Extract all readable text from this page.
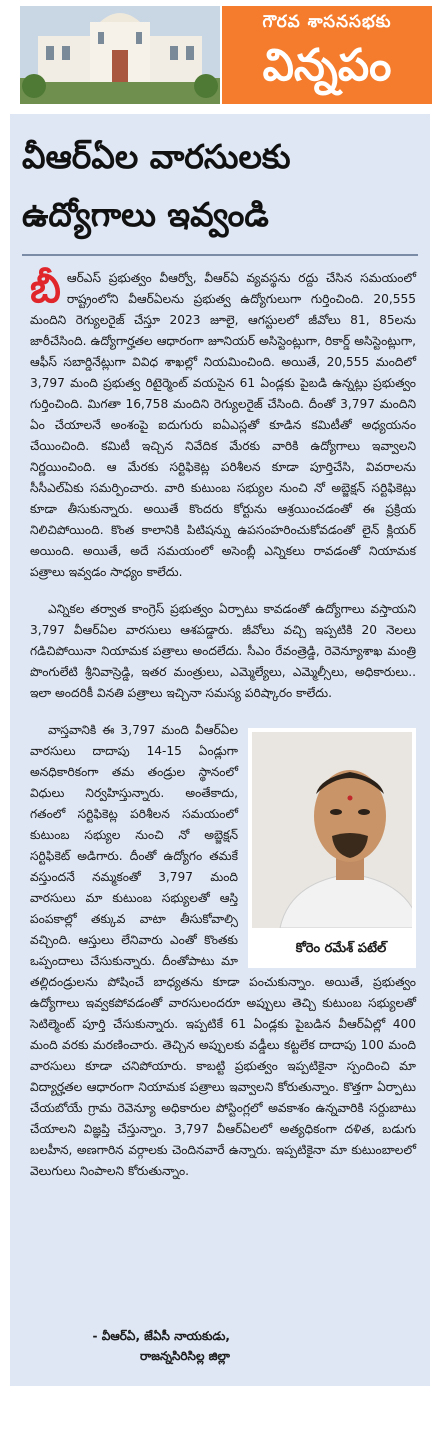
గౌరవ శాసనసభకు
విన్నపం
వీఆర్ఏల వారసులకు ఉద్యోగాలు ఇవ్వండి

బీఆర్ఎస్ ప్రభుత్వం వీఆర్వో, వీఆర్ఏ వ్యవస్థను రద్దు చేసిన సమయంలో రాష్ట్రంలోని వీఆర్ఏలను ప్రభుత్వ ఉద్యోగులుగా గుర్తించింది. 20,555 మందిని రెగ్యులరైజ్ చేస్తూ 2023 జూలై, ఆగస్టులలో జీవోలు 81, 85లను జారీచేసింది. ఉద్యోగార్హతల ఆధారంగా జూనియర్ అసిస్టెంట్లుగా, రికార్డ్ అసిస్టెంట్లుగా, ఆఫీస్ సబార్డినేట్లుగా వివిధ శాఖల్లో నియమించింది. అయితే, 20,555 మందిలో 3,797 మంది ప్రభుత్వ రిటైర్మెంట్ వయసైన 61 ఏండ్లకు పైబడి ఉన్నట్లు ప్రభుత్వం గుర్తించింది. మిగతా 16,758 మందిని రెగ్యులరైజ్ చేసింది. దీంతో 3,797 మందిని ఏం చేయాలనే అంశంపై ఐదుగురు ఐఏఎస్లతో కూడిన కమిటీతో అధ్యయనం చేయించింది. కమిటీ ఇచ్చిన నివేదిక మేరకు వారికి ఉద్యోగాలు ఇవ్వాలని నిర్ణయించింది. ఆ మేరకు సర్టిఫికెట్ల పరిశీలన కూడా పూర్తిచేసి, వివరాలను సీసీఎల్ఏకు సమర్పించారు. వారి కుటుంబ సభ్యుల నుంచి నో అబ్జెక్షన్ సర్టిఫికెట్లు కూడా తీసుకున్నారు. అయితే కొందరు కోర్టును ఆశ్రయించడంతో ఈ ప్రక్రియ నిలిచిపోయింది. కొంత కాలానికి పిటిషన్ను ఉపసంహరించుకోవడంతో లైన్ క్లియర్ అయింది. అయితే, అదే సమయంలో అసెంబ్లీ ఎన్నికలు రావడంతో నియామక పత్రాలు ఇవ్వడం సాధ్యం కాలేదు.

ఎన్నికల తర్వాత కాంగ్రెస్ ప్రభుత్వం ఏర్పాటు కావడంతో ఉద్యోగాలు వస్తాయని 3,797 వీఆర్ఏల వారసులు ఆశపడ్డారు. జీవోలు వచ్చి ఇప్పటికి 20 నెలలు గడిచిపోయినా నియామక పత్రాలు అందలేదు. సీఎం రేవంత్రెడ్డి, రెవెన్యూశాఖ మంత్రి పొంగులేటి శ్రీనివాస్రెడ్డి, ఇతర మంత్రులు, ఎమ్మెల్యేలు, ఎమ్మెల్సీలు, అధికారులు.. ఇలా అందరికీ వినతి పత్రాలు ఇచ్చినా సమస్య పరిష్కారం కాలేదు.

కోరెం రమేశ్ పటేల్
వాస్తవానికి ఈ 3,797 మంది వీఆర్ఏల వారసులు దాదాపు 14-15 ఏండ్లుగా అనధికారికంగా తమ తండ్రుల స్థానంలో విధులు నిర్వహిస్తున్నారు. అంతేకాదు, గతంలో సర్టిఫికెట్ల పరిశీలన సమయంలో కుటుంబ సభ్యుల నుంచి నో అబ్జెక్షన్ సర్టిఫికెట్ అడిగారు. దీంతో ఉద్యోగం తమకే వస్తుందనే నమ్మకంతో 3,797 మంది వారసులు మా కుటుంబ సభ్యులతో ఆస్తి పంపకాల్లో తక్కువ వాటా తీసుకోవాల్సి వచ్చింది. ఆస్తులు లేనివారు ఎంతో కొంతకు ఒప్పందాలు చేసుకున్నారు. దీంతోపాటు మా తల్లిదండ్రులను పోషించే బాధ్యతను కూడా పంచుకున్నాం. అయితే, ప్రభుత్వం ఉద్యోగాలు ఇవ్వకపోవడంతో వారసులందరూ అప్పులు తెచ్చి కుటుంబ సభ్యులతో సెటిల్మెంట్ పూర్తి చేసుకున్నారు. ఇప్పటికే 61 ఏండ్లకు పైబడిన వీఆర్ఏల్లో 400 మంది వరకు మరణించారు. తెచ్చిన అప్పులకు వడ్డీలు కట్టలేక దాదాపు 100 మంది వారసులు కూడా చనిపోయారు. కాబట్టి ప్రభుత్వం ఇప్పటికైనా స్పందించి మా విద్యార్హతల ఆధారంగా నియామక పత్రాలు ఇవ్వాలని కోరుతున్నాం. కొత్తగా ఏర్పాటు చేయబోయే గ్రామ రెవెన్యూ అధికారుల పోస్టింగ్లలో అవకాశం ఉన్నవారికి సర్దుబాటు చేయాలని విజ్ఞప్తి చేస్తున్నాం. 3,797 వీఆర్ఏలలో అత్యధికంగా దళిత, బడుగు బలహీన, అణగారిన వర్గాలకు చెందినవారే ఉన్నారు. ఇప్పటికైనా మా కుటుంబాలలో వెలుగులు నింపాలని కోరుతున్నాం.

- వీఆర్ఏ, జేఏసీ నాయకుడు,
రాజన్నసిరిసిల్ల జిల్లా
